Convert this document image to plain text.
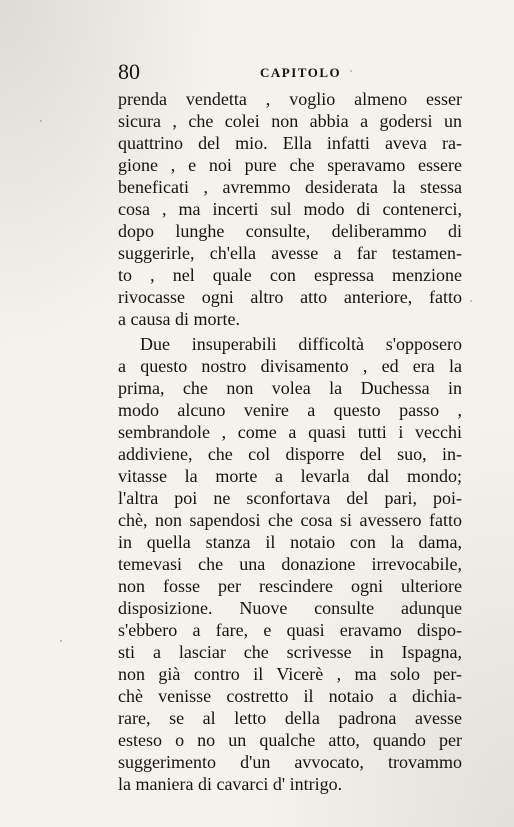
80	CAPITOLO
prenda vendetta , voglio almeno esser
sicura , che colei non abbia a godersi un
quattrino del mio. Ella infatti aveva ra-
gione , e noi pure che speravamo essere
beneficati , avremmo desiderata la stessa
cosa , ma incerti sul modo di contenerci,
dopo lunghe consulte, deliberammo di
suggerirle, ch'ella avesse a far testamen-
to , nel quale con espressa menzione
rivocasse ogni altro atto anteriore, fatto
a causa di morte.
Due insuperabili difficoltà s'opposero
a questo nostro divisamento , ed era la
prima, che non volea la Duchessa in
modo alcuno venire a questo passo ,
sembrandole , come a quasi tutti i vecchi
addiviene, che col disporre del suo, in-
vitasse la morte a levarla dal mondo;
l'altra poi ne sconfortava del pari, poi-
chè, non sapendosi che cosa si avessero fatto
in quella stanza il notaio con la dama,
temevasi che una donazione irrevocabile,
non fosse per rescindere ogni ulteriore
disposizione. Nuove consulte adunque
s'ebbero a fare, e quasi eravamo dispo-
sti a lasciar che scrivesse in Ispagna,
non già contro il Vicerè , ma solo per-
chè venisse costretto il notaio a dichia-
rare, se al letto della padrona avesse
esteso o no un qualche atto, quando per
suggerimento d'un avvocato, trovammo
la maniera di cavarci d' intrigo.
